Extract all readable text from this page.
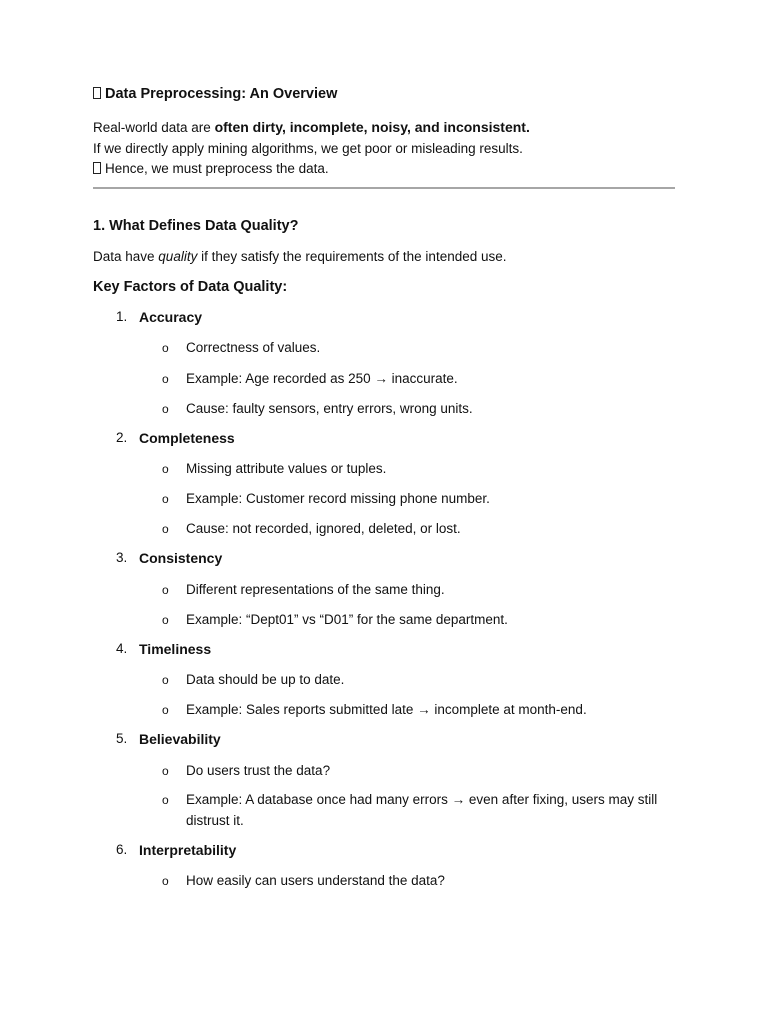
Data Preprocessing: An Overview
Real-world data are often dirty, incomplete, noisy, and inconsistent.
If we directly apply mining algorithms, we get poor or misleading results.
Hence, we must preprocess the data.
1. What Defines Data Quality?
Data have quality if they satisfy the requirements of the intended use.
Key Factors of Data Quality:
1. Accuracy
o Correctness of values.
o Example: Age recorded as 250 → inaccurate.
o Cause: faulty sensors, entry errors, wrong units.
2. Completeness
o Missing attribute values or tuples.
o Example: Customer record missing phone number.
o Cause: not recorded, ignored, deleted, or lost.
3. Consistency
o Different representations of the same thing.
o Example: “Dept01” vs “D01” for the same department.
4. Timeliness
o Data should be up to date.
o Example: Sales reports submitted late → incomplete at month-end.
5. Believability
o Do users trust the data?
o Example: A database once had many errors → even after fixing, users may still distrust it.
6. Interpretability
o How easily can users understand the data?
